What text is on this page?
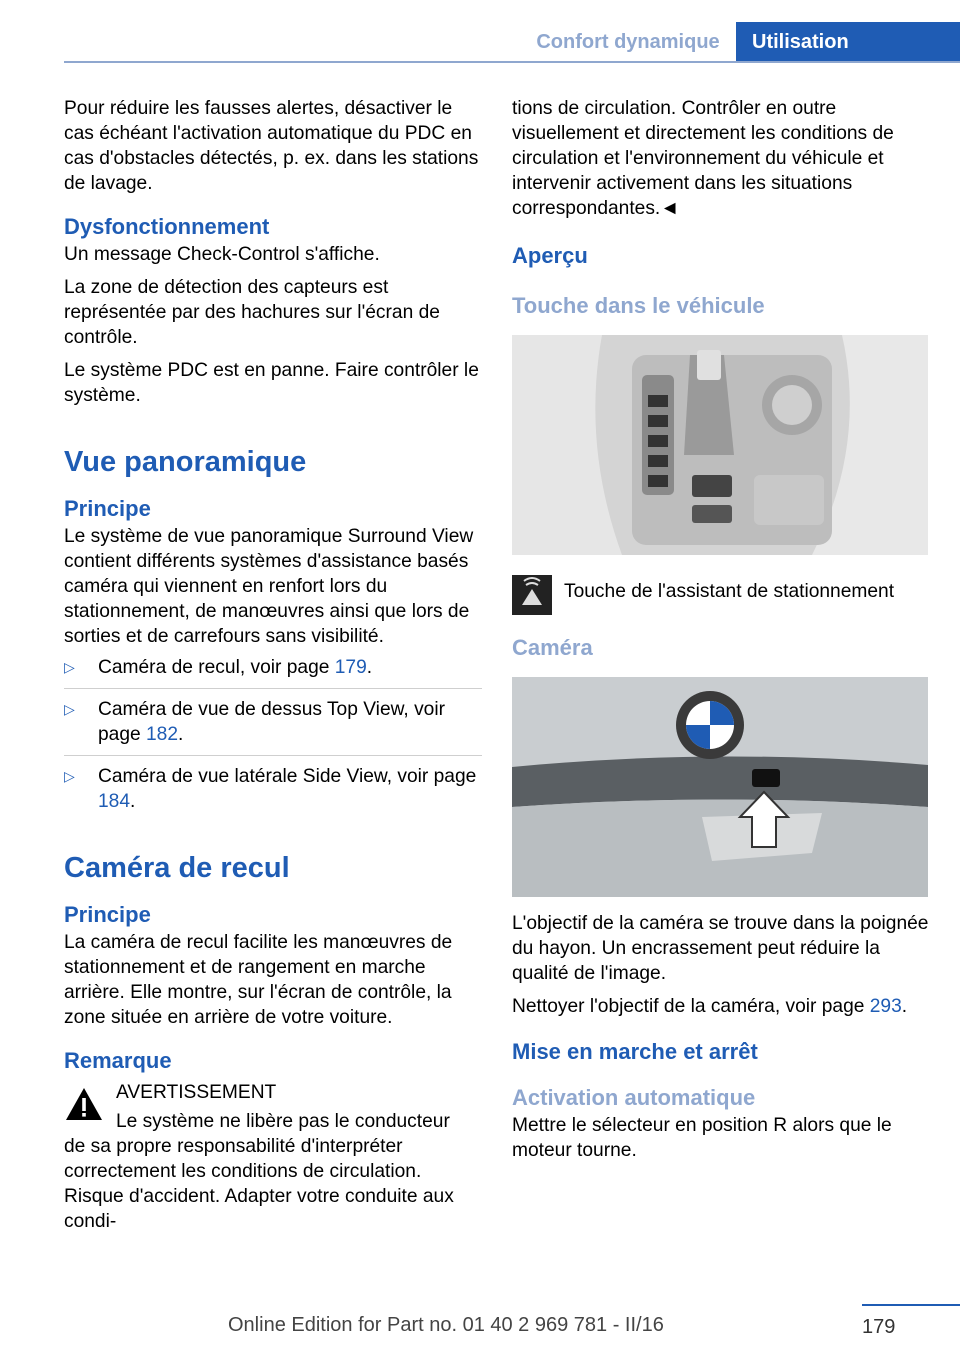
Confort dynamique	Utilisation

Pour réduire les fausses alertes, désactiver le cas échéant l'activation automatique du PDC en cas d'obstacles détectés, p. ex. dans les stations de lavage.

Dysfonctionnement

Un message Check-Control s'affiche.

La zone de détection des capteurs est représentée par des hachures sur l'écran de contrôle.

Le système PDC est en panne. Faire contrôler le système.

Vue panoramique

Principe

Le système de vue panoramique Surround View contient différents systèmes d'assistance basés caméra qui viennent en renfort lors du stationnement, de manœuvres ainsi que lors de sorties et de carrefours sans visibilité.

▷ Caméra de recul, voir page 179.
▷ Caméra de vue de dessus Top View, voir page 182.
▷ Caméra de vue latérale Side View, voir page 184.

Caméra de recul

Principe

La caméra de recul facilite les manœuvres de stationnement et de rangement en marche arrière. Elle montre, sur l'écran de contrôle, la zone située en arrière de votre voiture.

Remarque

AVERTISSEMENT

Le système ne libère pas le conducteur

de sa propre responsabilité d'interpréter correctement les conditions de circulation. Risque d'accident. Adapter votre conduite aux condi-

tions de circulation. Contrôler en outre visuellement et directement les conditions de circulation et l'environnement du véhicule et intervenir activement dans les situations correspondantes.◄

Aperçu

Touche dans le véhicule

Touche de l'assistant de stationnement

Caméra

L'objectif de la caméra se trouve dans la poignée du hayon. Un encrassement peut réduire la qualité de l'image.

Nettoyer l'objectif de la caméra, voir page 293.

Mise en marche et arrêt

Activation automatique

Mettre le sélecteur en position R alors que le moteur tourne.

179
Online Edition for Part no. 01 40 2 969 781 - II/16
